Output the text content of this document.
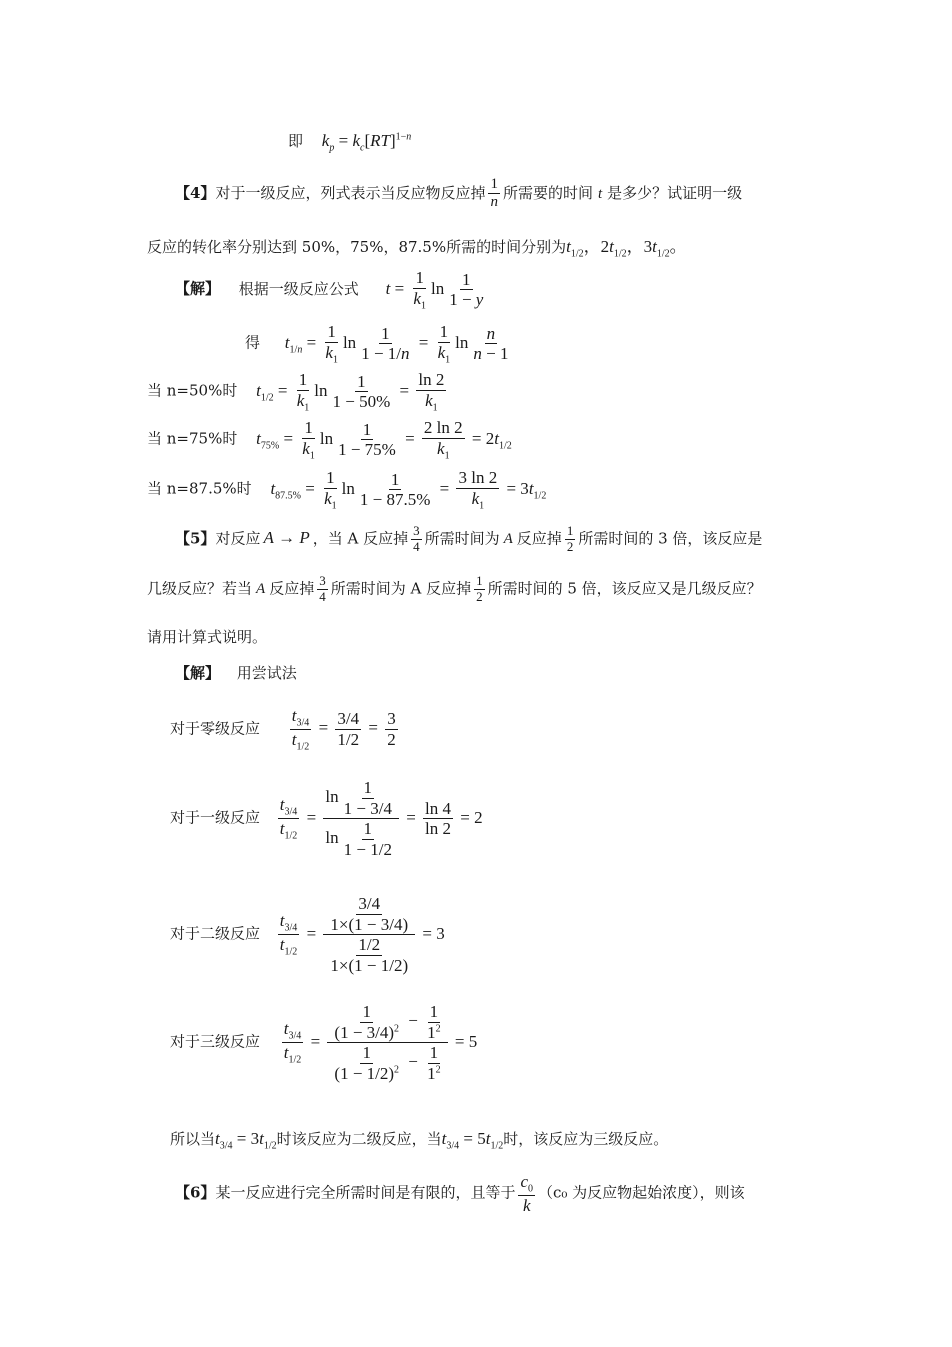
即 $k_p = k_c[RT]^{1-n}$
【4】对于一级反应，列式表示当反应物反应掉 $\frac{1}{n}$ 所需要的时间 t 是多少？试证明一级
反应的转化率分别达到 50%，75%，87.5%所需的时间分别为$t_{1/2}$，$2t_{1/2}$，$3t_{1/2}$。
【解】 根据一级反应公式 $t = \frac{1}{k_1}$ $\ln \frac{1}{1 - y}$
得 $t_{1/n} = \frac{1}{k_1}$ $\ln \frac{1}{1 - 1/n} = \frac{1}{k_1}$ $\ln \frac{n}{n - 1}$
当 n=50%时 $t_{1/2} = \frac{1}{k_1}$ $\ln \frac{1}{1 - 50\%} = \frac{\ln 2}{k_1}$
当 n=75%时 $t_{75\%} = \frac{1}{k_1}$ $\ln \frac{1}{1 - 75\%} = \frac{2 \ln 2}{k_1} = 2t_{1/2}$
当 n=87.5%时 $t_{87.5\%} = \frac{1}{k_1}$ $\ln \frac{1}{1 - 87.5\%} = \frac{3 \ln 2}{k_1} = 3t_{1/2}$
【5】对反应 A → P ，当 A 反应掉 $\frac{3}{4}$ 所需时间为 A 反应掉 $\frac{1}{2}$ 所需时间的 3 倍，该反应是
几级反应？若当 A 反应掉 $\frac{3}{4}$ 所需时间为 A 反应掉 $\frac{1}{2}$ 所需时间的 5 倍，该反应又是几级反应？
请用计算式说明。
【解】 用尝试法
对于零级反应 $\frac{t_{3/4}}{t_{1/2}} = \frac{3/4}{1/2} = \frac{3}{2}$
对于一级反应 $\frac{t_{3/4}}{t_{1/2}} = \frac{\ln \frac{1}{1 - 3/4}}{\ln \frac{1}{1 - 1/2}} = \frac{\ln 4}{\ln 2} = 2$
对于二级反应 $\frac{t_{3/4}}{t_{1/2}} = \frac{\frac{3/4}{1\times(1 - 3/4)}}{\frac{1/2}{1\times(1 - 1/2)}} = 3$
对于三级反应 $\frac{t_{3/4}}{t_{1/2}} = \frac{\frac{1}{(1 - 3/4)^2} - \frac{1}{1^2}}{\frac{1}{(1 - 1/2)^2} - \frac{1}{1^2}} = 5$
所以当$t_{3/4} = 3t_{1/2}$时该反应为二级反应，当$t_{3/4} = 5t_{1/2}$时，该反应为三级反应。
【6】某一反应进行完全所需时间是有限的，且等于 $\frac{c_0}{k} (c_0$ 为反应物起始浓度），则该
